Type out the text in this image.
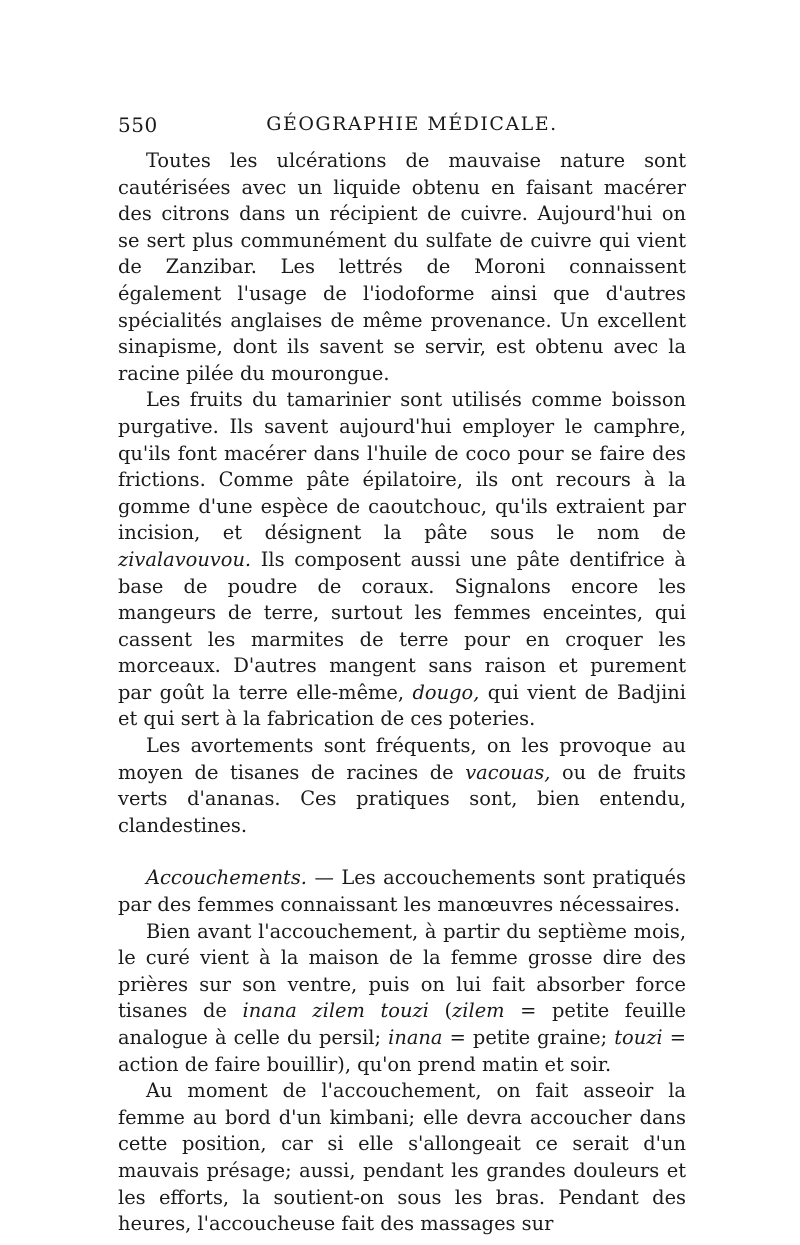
550	GÉOGRAPHIE MÉDICALE.

Toutes les ulcérations de mauvaise nature sont cautérisées avec un liquide obtenu en faisant macérer des citrons dans un récipient de cuivre. Aujourd'hui on se sert plus communément du sulfate de cuivre qui vient de Zanzibar. Les lettrés de Moroni connaissent également l'usage de l'iodoforme ainsi que d'autres spécialités anglaises de même provenance. Un excellent sinapisme, dont ils savent se servir, est obtenu avec la racine pilée du mourongue.

Les fruits du tamarinier sont utilisés comme boisson purgative. Ils savent aujourd'hui employer le camphre, qu'ils font macérer dans l'huile de coco pour se faire des frictions. Comme pâte épilatoire, ils ont recours à la gomme d'une espèce de caoutchouc, qu'ils extraient par incision, et désignent la pâte sous le nom de zivalavouvou. Ils composent aussi une pâte dentifrice à base de poudre de coraux. Signalons encore les mangeurs de terre, surtout les femmes enceintes, qui cassent les marmites de terre pour en croquer les morceaux. D'autres mangent sans raison et purement par goût la terre elle-même, dougo, qui vient de Badjini et qui sert à la fabrication de ces poteries.

Les avortements sont fréquents, on les provoque au moyen de tisanes de racines de vacouas, ou de fruits verts d'ananas. Ces pratiques sont, bien entendu, clandestines.

Accouchements. — Les accouchements sont pratiqués par des femmes connaissant les manœuvres nécessaires.

Bien avant l'accouchement, à partir du septième mois, le curé vient à la maison de la femme grosse dire des prières sur son ventre, puis on lui fait absorber force tisanes de inana zilem touzi (zilem = petite feuille analogue à celle du persil; inana = petite graine; touzi = action de faire bouillir), qu'on prend matin et soir.

Au moment de l'accouchement, on fait asseoir la femme au bord d'un kimbani; elle devra accoucher dans cette position, car si elle s'allongeait ce serait d'un mauvais présage; aussi, pendant les grandes douleurs et les efforts, la soutient-on sous les bras. Pendant des heures, l'accoucheuse fait des massages sur
